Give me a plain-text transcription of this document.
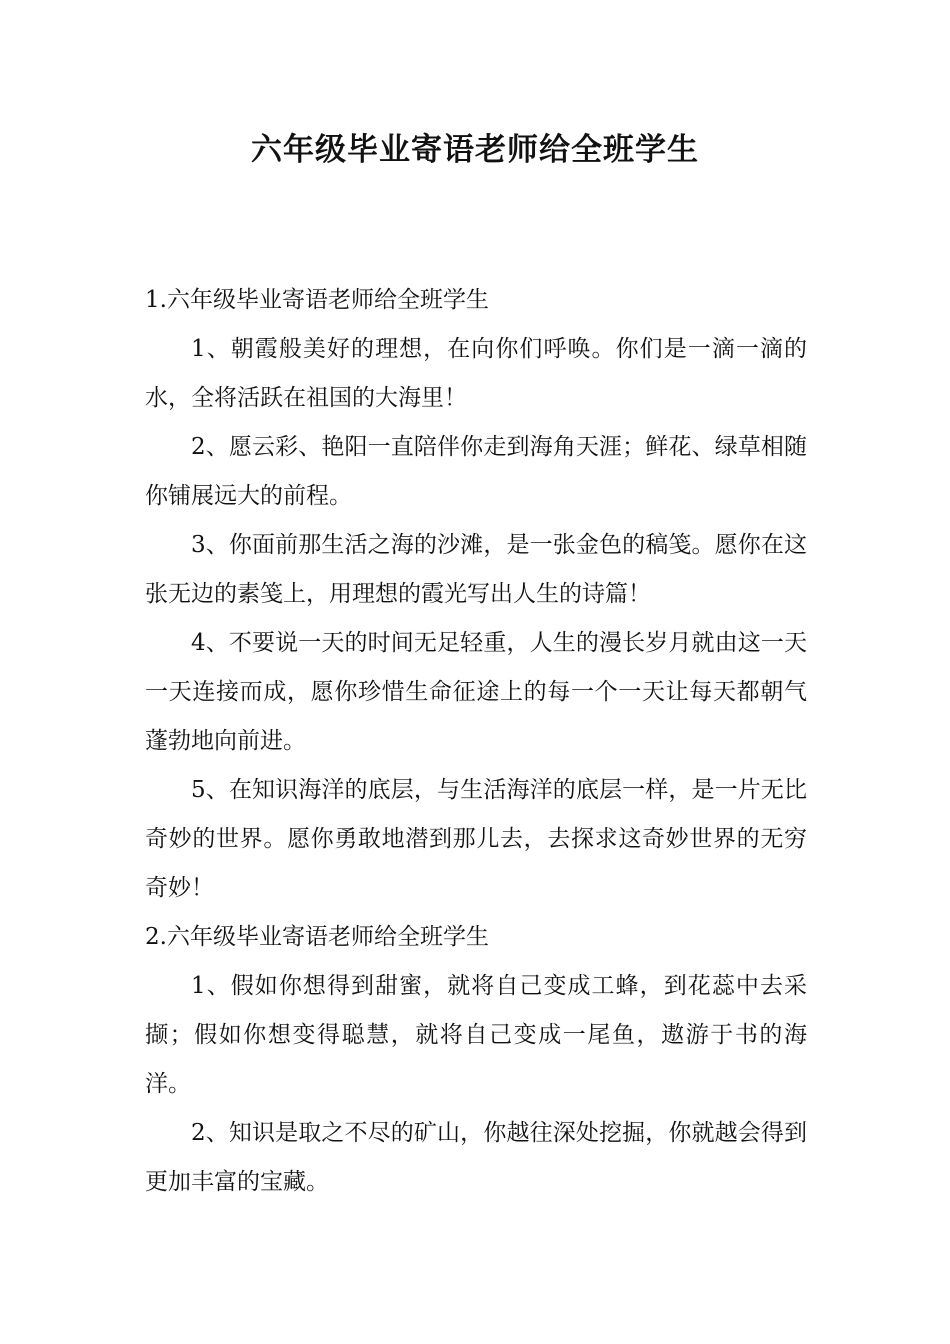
六年级毕业寄语老师给全班学生

1.六年级毕业寄语老师给全班学生

1、朝霞般美好的理想，在向你们呼唤。你们是一滴一滴的水，全将活跃在祖国的大海里！

2、愿云彩、艳阳一直陪伴你走到海角天涯；鲜花、绿草相随你铺展远大的前程。

3、你面前那生活之海的沙滩，是一张金色的稿笺。愿你在这张无边的素笺上，用理想的霞光写出人生的诗篇！

4、不要说一天的时间无足轻重，人生的漫长岁月就由这一天一天连接而成，愿你珍惜生命征途上的每一个一天让每天都朝气蓬勃地向前进。

5、在知识海洋的底层，与生活海洋的底层一样，是一片无比奇妙的世界。愿你勇敢地潜到那儿去，去探求这奇妙世界的无穷奇妙！

2.六年级毕业寄语老师给全班学生

1、假如你想得到甜蜜，就将自己变成工蜂，到花蕊中去采撷；假如你想变得聪慧，就将自己变成一尾鱼，遨游于书的海洋。

2、知识是取之不尽的矿山，你越往深处挖掘，你就越会得到更加丰富的宝藏。
